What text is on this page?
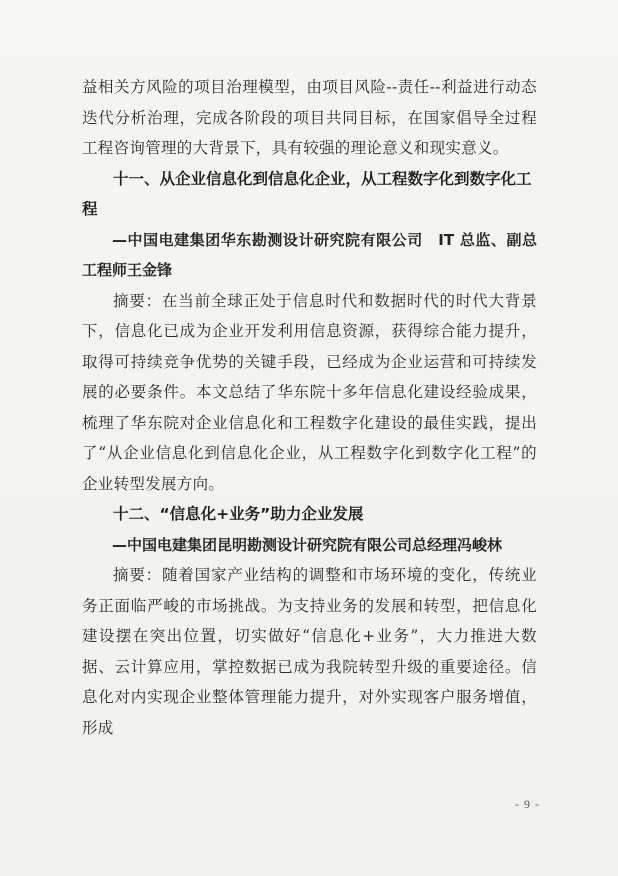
益相关方风险的项目治理模型，由项目风险--责任--利益进行动态迭代分析治理，完成各阶段的项目共同目标，在国家倡导全过程工程咨询管理的大背景下，具有较强的理论意义和现实意义。

十一、从企业信息化到信息化企业，从工程数字化到数字化工程

—中国电建集团华东勘测设计研究院有限公司　IT 总监、副总工程师王金锋

摘要：在当前全球正处于信息时代和数据时代的时代大背景下，信息化已成为企业开发利用信息资源，获得综合能力提升，取得可持续竞争优势的关键手段，已经成为企业运营和可持续发展的必要条件。本文总结了华东院十多年信息化建设经验成果，梳理了华东院对企业信息化和工程数字化建设的最佳实践，提出了“从企业信息化到信息化企业，从工程数字化到数字化工程”的企业转型发展方向。

十二、“信息化+业务”助力企业发展

—中国电建集团昆明勘测设计研究院有限公司总经理冯峻林

摘要：随着国家产业结构的调整和市场环境的变化，传统业务正面临严峻的市场挑战。为支持业务的发展和转型，把信息化建设摆在突出位置，切实做好“信息化+业务”，大力推进大数据、云计算应用，掌控数据已成为我院转型升级的重要途径。信息化对内实现企业整体管理能力提升，对外实现客户服务增值，形成

- 9 -
